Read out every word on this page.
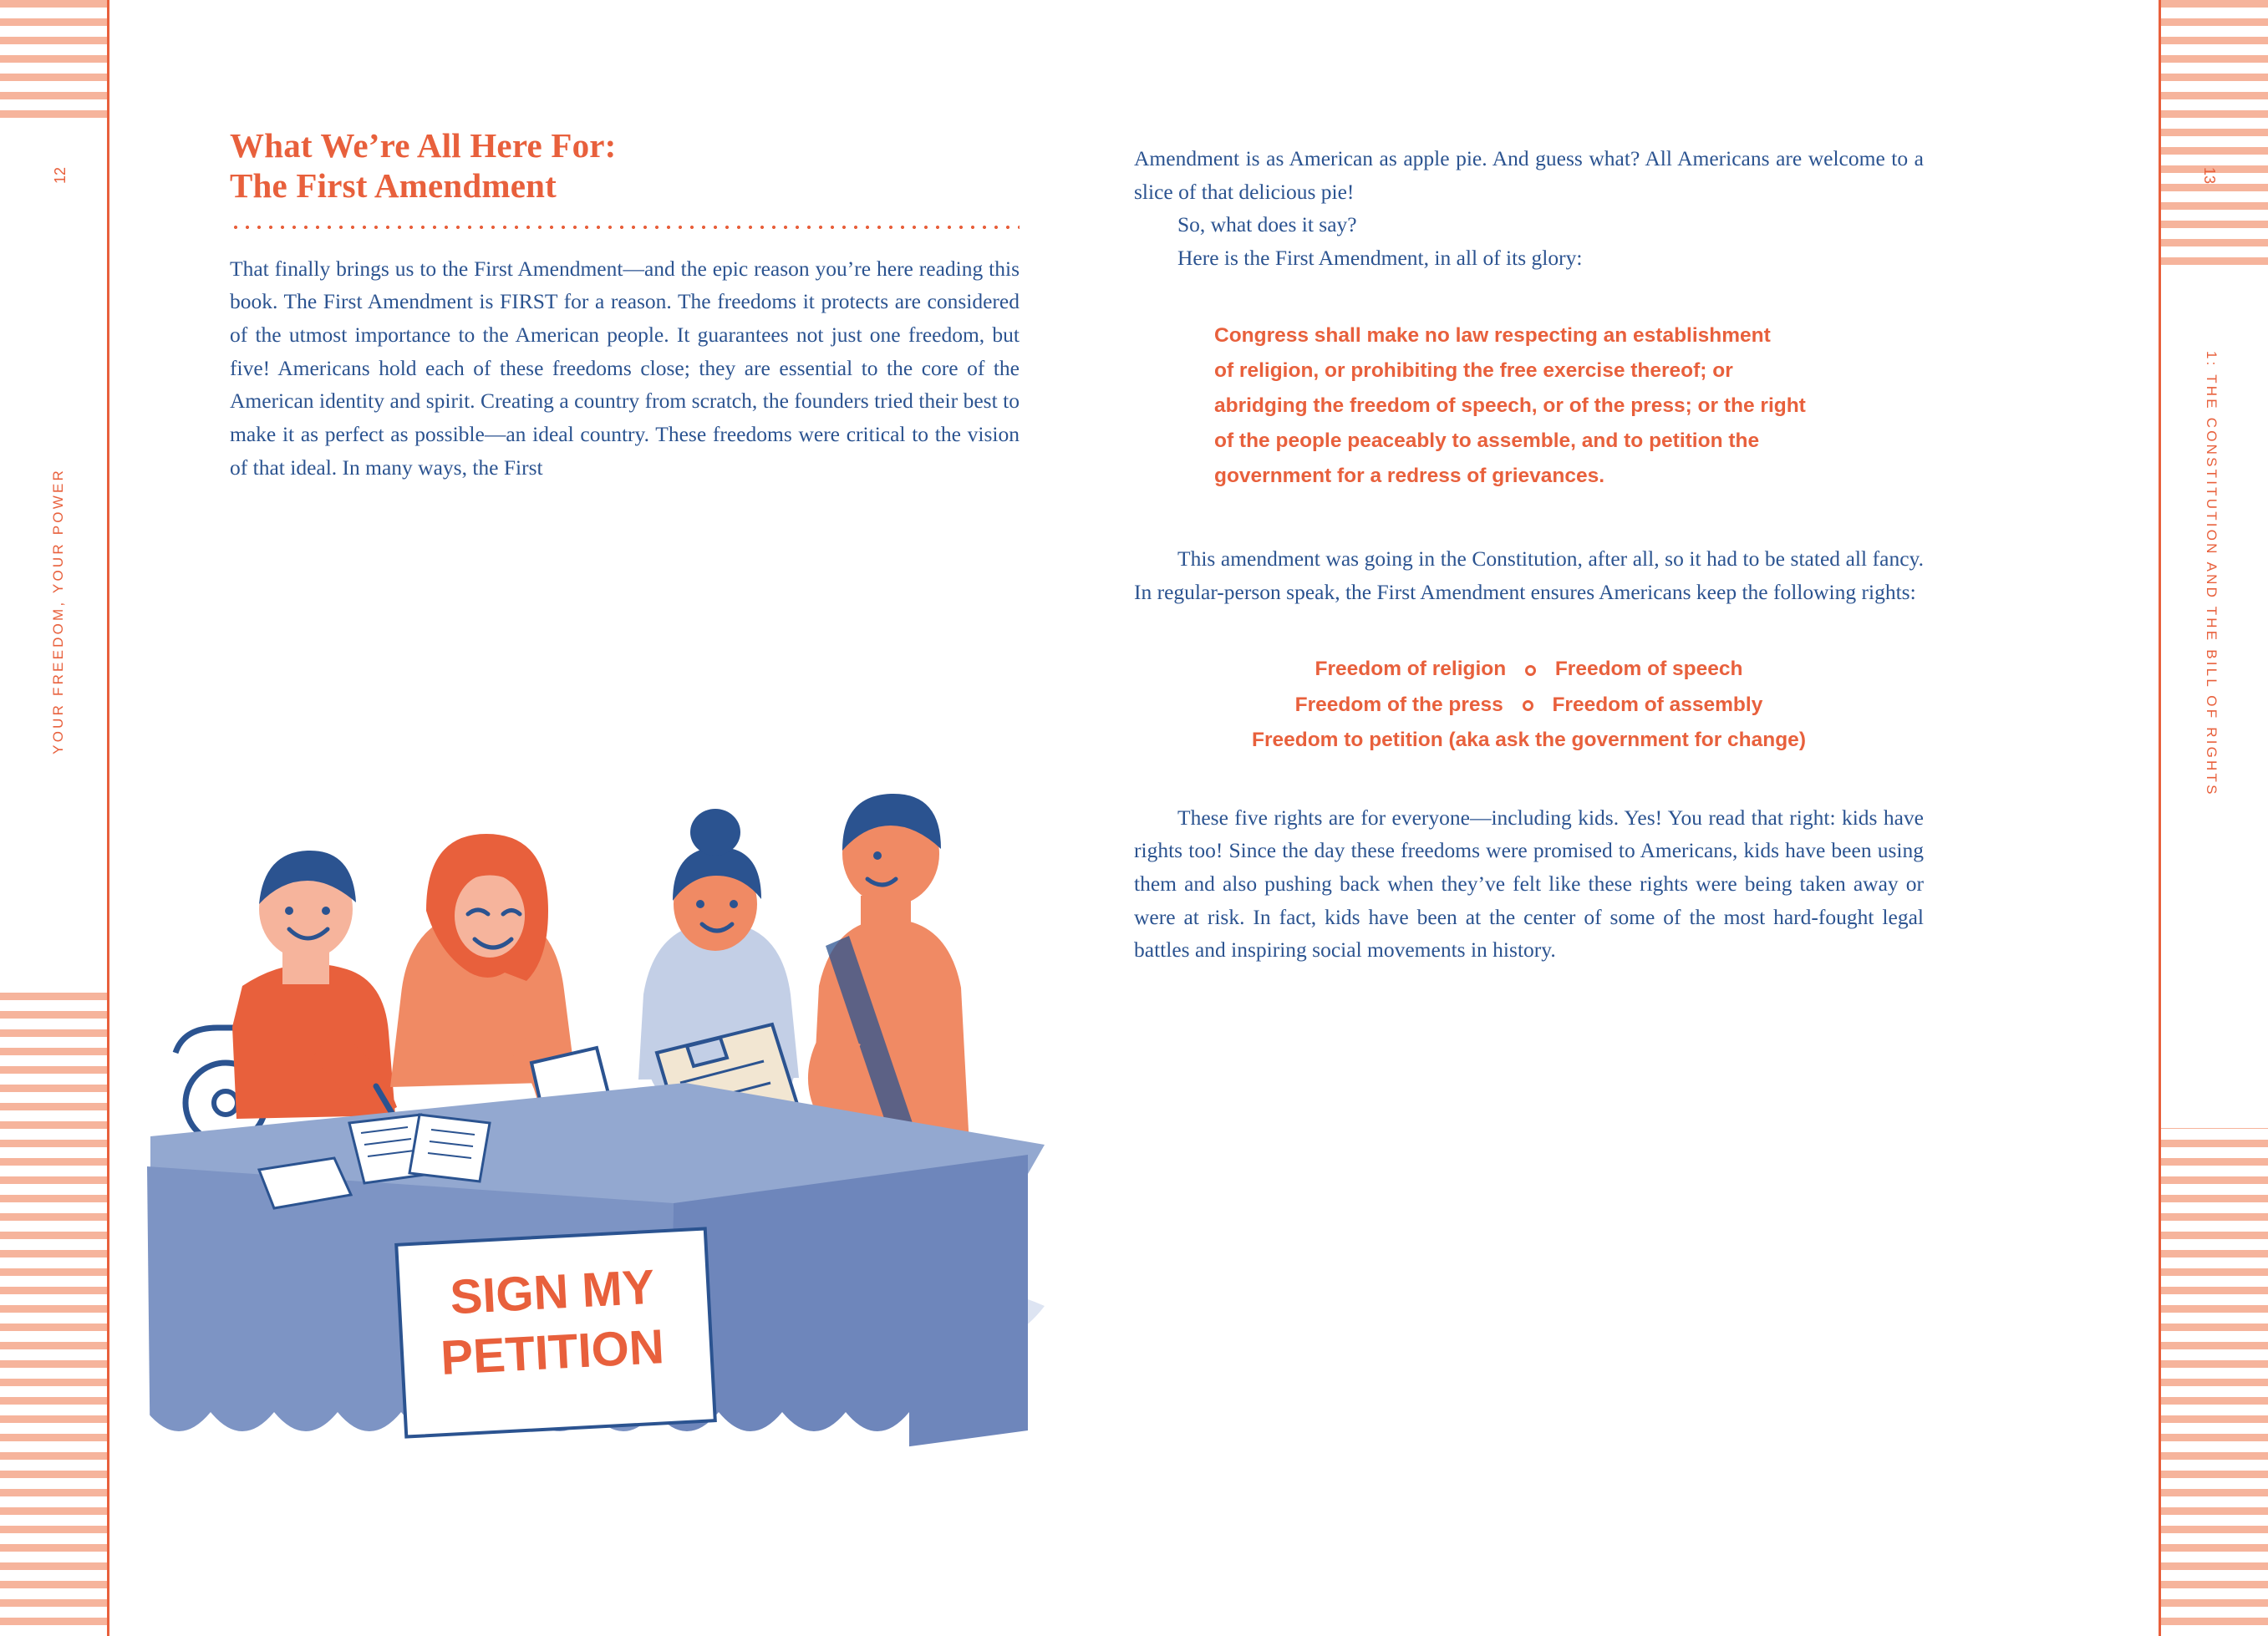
12
YOUR FREEDOM, YOUR POWER
What We’re All Here For:
The First Amendment

That finally brings us to the First Amendment—and the epic reason you’re here reading this book. The First Amendment is FIRST for a reason. The freedoms it protects are considered of the utmost importance to the American people. It guarantees not just one freedom, but five! Americans hold each of these freedoms close; they are essential to the core of the American identity and spirit. Creating a country from scratch, the founders tried their best to make it as perfect as possible—an ideal country. These freedoms were critical to the vision of that ideal. In many ways, the First

SIGN MY
PETITION
13
1: THE CONSTITUTION AND THE BILL OF RIGHTS

Amendment is as American as apple pie. And guess what? All Americans are welcome to a slice of that delicious pie!

So, what does it say?

Here is the First Amendment, in all of its glory:

Congress shall make no law respecting an establishment
of religion, or prohibiting the free exercise thereof; or
abridging the freedom of speech, or of the press; or the right
of the people peaceably to assemble, and to petition the
government for a redress of grievances.

This amendment was going in the Constitution, after all, so it had to be stated all fancy. In regular-person speak, the First Amendment ensures Americans keep the following rights:

Freedom of religion Freedom of speech
Freedom of the press Freedom of assembly
Freedom to petition (aka ask the government for change)

These five rights are for everyone—including kids. Yes! You read that right: kids have rights too! Since the day these freedoms were promised to Americans, kids have been using them and also pushing back when they’ve felt like these rights were being taken away or were at risk. In fact, kids have been at the center of some of the most hard-fought legal battles and inspiring social movements in history.
